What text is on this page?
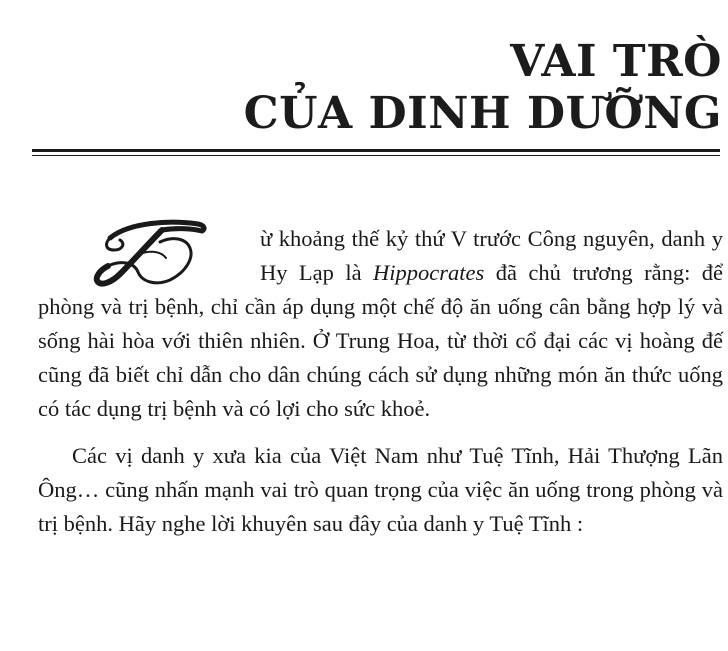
VAI TRÒ
CỦA DINH DƯỠNG

ừ khoảng thế kỷ thứ V trước Công nguyên, danh y Hy Lạp là Hippocrates đã chủ trương rằng: để phòng và trị bệnh, chỉ cần áp dụng một chế độ ăn uống cân bằng hợp lý và sống hài hòa với thiên nhiên. Ở Trung Hoa, từ thời cổ đại các vị hoàng đế cũng đã biết chỉ dẫn cho dân chúng cách sử dụng những món ăn thức uống có tác dụng trị bệnh và có lợi cho sức khoẻ.

Các vị danh y xưa kia của Việt Nam như Tuệ Tĩnh, Hải Thượng Lãn Ông… cũng nhấn mạnh vai trò quan trọng của việc ăn uống trong phòng và trị bệnh. Hãy nghe lời khuyên sau đây của danh y Tuệ Tĩnh :
